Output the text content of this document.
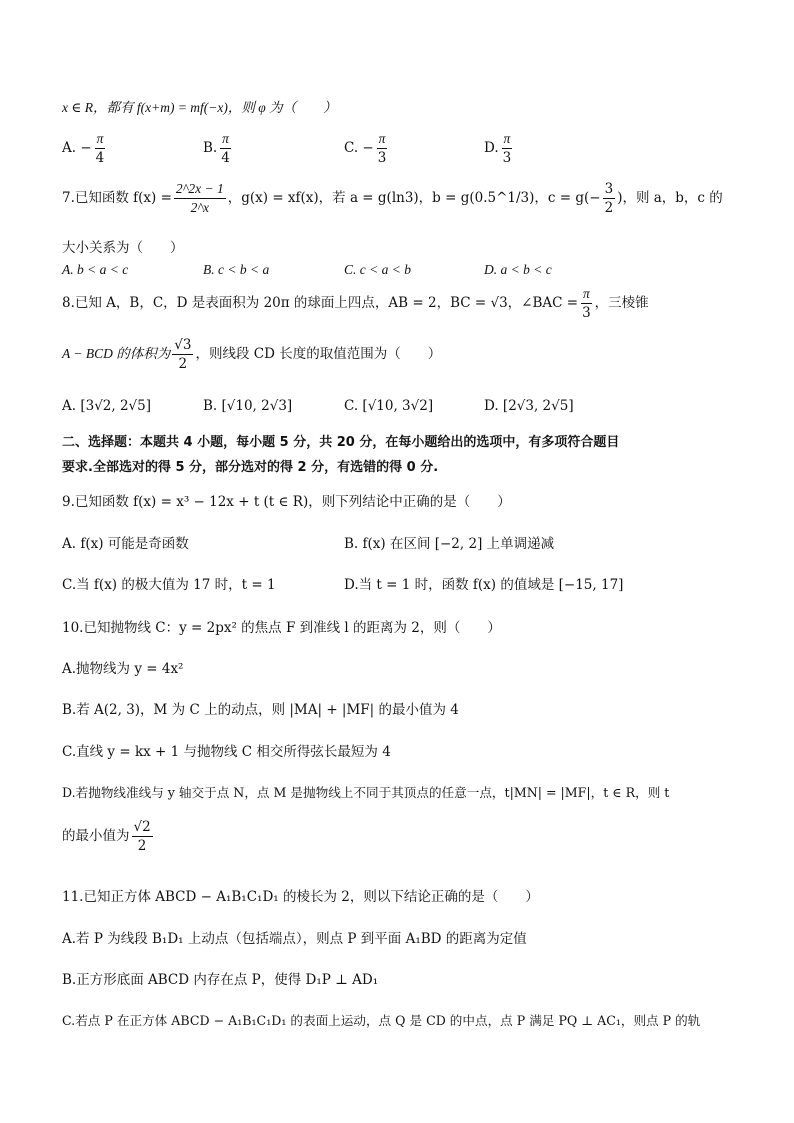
x ∈ R，都有 f(x+m) = mf(−x)，则 φ 为（　　）
A. − $\frac{\pi}{4}$	B. $\frac{\pi}{4}$	C. − $\frac{\pi}{3}$	D. $\frac{\pi}{3}$
7.已知函数 $f(x) = \frac{2\^{}2x - 1}{2\^{}x}$ ，g(x) = xf(x)，若 a = g(ln3)，b = g(0.5^1/3)，$c = g(- \frac{3}{2}$ )，则 a，b，c 的
大小关系为（　　）
A. b < a < c	B. c < b < a	C. c < a < b	D. a < b < c
8.已知 A，B，C，D 是表面积为 20π 的球面上四点，AB = 2，BC = √3，∠BAC = $\frac{\pi}{3}$ ，三棱锥
A − BCD 的体积为 $\frac{√3}{2}$ ，则线段 CD 长度的取值范围为（　　）
A. [3√2, 2√5]	B. [√10, 2√3]	C. [√10, 3√2]	D. [2√3, 2√5]
二、选择题：本题共 4 小题，每小题 5 分，共 20 分，在每小题给出的选项中，有多项符合题目
要求.全部选对的得 5 分，部分选对的得 2 分，有选错的得 0 分.
9.已知函数 f(x) = x³ − 12x + t (t ∈ R)，则下列结论中正确的是（　　）
A. f(x) 可能是奇函数	B. f(x) 在区间 [−2, 2] 上单调递减
C.当 f(x) 的极大值为 17 时，t = 1	D.当 t = 1 时，函数 f(x) 的值域是 [−15, 17]
10.已知抛物线 C：y = 2px² 的焦点 F 到准线 l 的距离为 2，则（　　）
A.抛物线为 y = 4x²
B.若 A(2, 3)，M 为 C 上的动点，则 |MA| + |MF| 的最小值为 4
C.直线 y = kx + 1 与抛物线 C 相交所得弦长最短为 4
D.若抛物线准线与 y 轴交于点 N，点 M 是抛物线上不同于其顶点的任意一点，t|MN| = |MF|，t ∈ R，则 t
的最小值为 $\frac{√2}{2}$
11.已知正方体 ABCD − A₁B₁C₁D₁ 的棱长为 2，则以下结论正确的是（　　）
A.若 P 为线段 B₁D₁ 上动点（包括端点），则点 P 到平面 A₁BD 的距离为定值
B.正方形底面 ABCD 内存在点 P，使得 D₁P ⊥ AD₁
C.若点 P 在正方体 ABCD − A₁B₁C₁D₁ 的表面上运动，点 Q 是 CD 的中点，点 P 满足 PQ ⊥ AC₁，则点 P 的轨
